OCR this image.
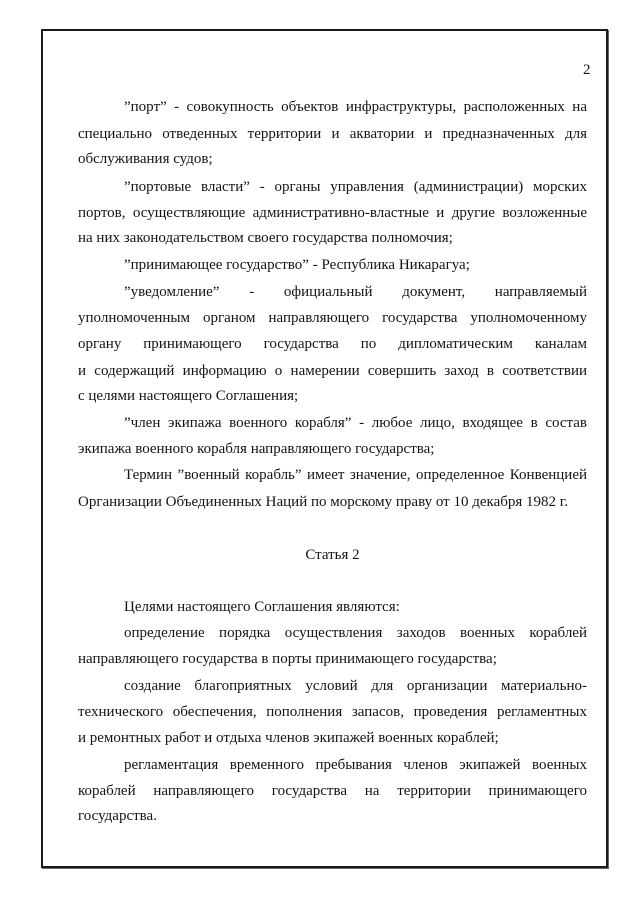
2
”порт” - совокупность объектов инфраструктуры, расположенных на
специально отведенных территории и акватории и предназначенных для
обслуживания судов;
”портовые власти” - органы управления (администрации) морских
портов, осуществляющие административно-властные и другие возложенные
на них законодательством своего государства полномочия;
”принимающее государство” - Республика Никарагуа;
”уведомление” - официальный документ, направляемый
уполномоченным органом направляющего государства уполномоченному
органу принимающего государства по дипломатическим каналам
и содержащий информацию о намерении совершить заход в соответствии
с целями настоящего Соглашения;
”член экипажа военного корабля” - любое лицо, входящее в состав
экипажа военного корабля направляющего государства;
Термин ”военный корабль” имеет значение, определенное Конвенцией
Организации Объединенных Наций по морскому праву от 10 декабря 1982 г.
Статья 2
Целями настоящего Соглашения являются:
определение порядка осуществления заходов военных кораблей
направляющего государства в порты принимающего государства;
создание благоприятных условий для организации материально-
технического обеспечения, пополнения запасов, проведения регламентных
и ремонтных работ и отдыха членов экипажей военных кораблей;
регламентация временного пребывания членов экипажей военных
кораблей направляющего государства на территории принимающего
государства.
